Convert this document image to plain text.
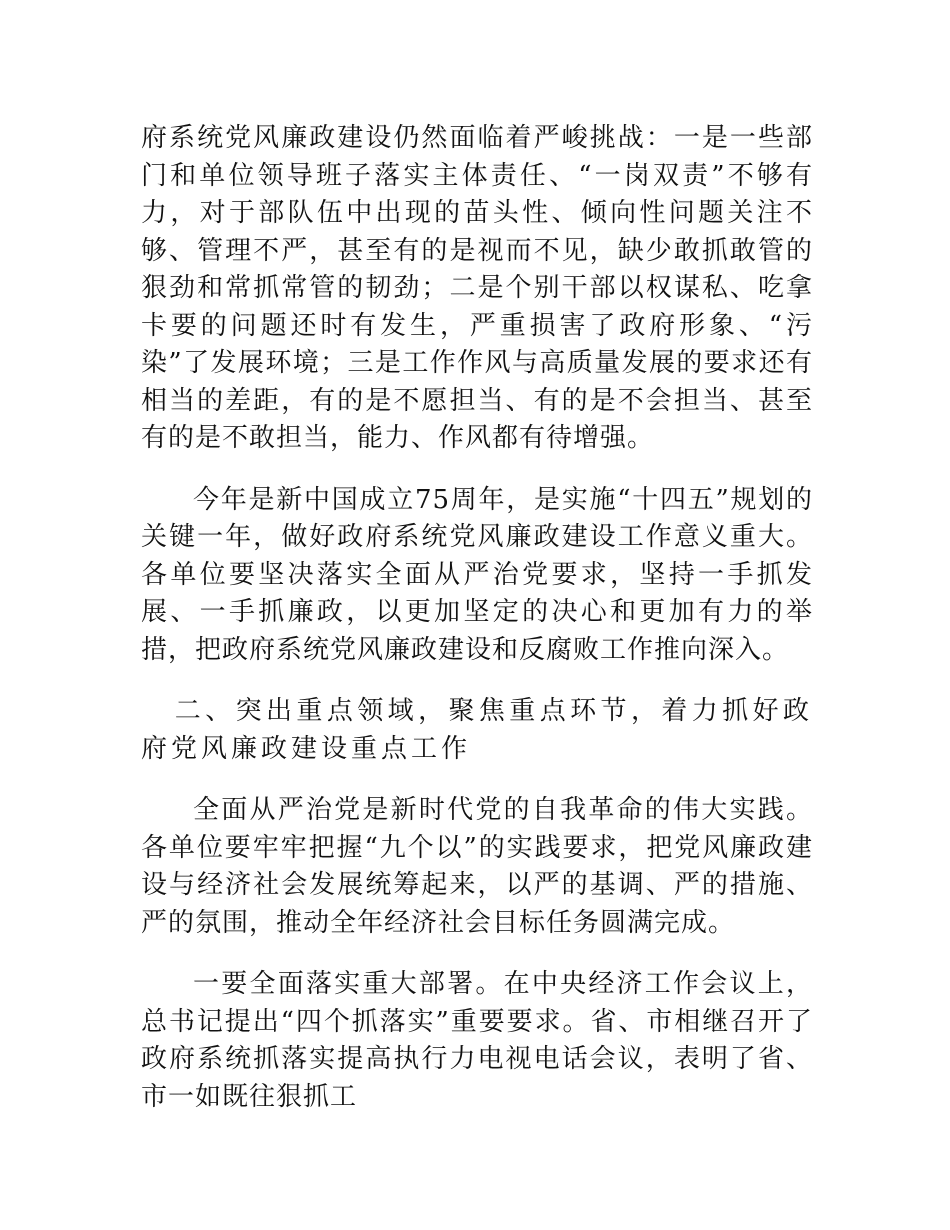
府系统党风廉政建设仍然面临着严峻挑战：一是一些部门和单位领导班子落实主体责任、“一岗双责”不够有力，对于部队伍中出现的苗头性、倾向性问题关注不够、管理不严，甚至有的是视而不见，缺少敢抓敢管的狠劲和常抓常管的韧劲；二是个别干部以权谋私、吃拿卡要的问题还时有发生，严重损害了政府形象、“污染”了发展环境；三是工作作风与高质量发展的要求还有相当的差距，有的是不愿担当、有的是不会担当、甚至有的是不敢担当，能力、作风都有待增强。

今年是新中国成立75周年，是实施“十四五”规划的关键一年，做好政府系统党风廉政建设工作意义重大。各单位要坚决落实全面从严治党要求，坚持一手抓发展、一手抓廉政，以更加坚定的决心和更加有力的举措，把政府系统党风廉政建设和反腐败工作推向深入。

二、突出重点领域，聚焦重点环节，着力抓好政府党风廉政建设重点工作

全面从严治党是新时代党的自我革命的伟大实践。各单位要牢牢把握“九个以”的实践要求，把党风廉政建设与经济社会发展统筹起来，以严的基调、严的措施、严的氛围，推动全年经济社会目标任务圆满完成。

一要全面落实重大部署。在中央经济工作会议上，总书记提出“四个抓落实”重要要求。省、市相继召开了政府系统抓落实提高执行力电视电话会议，表明了省、市一如既往狠抓工
